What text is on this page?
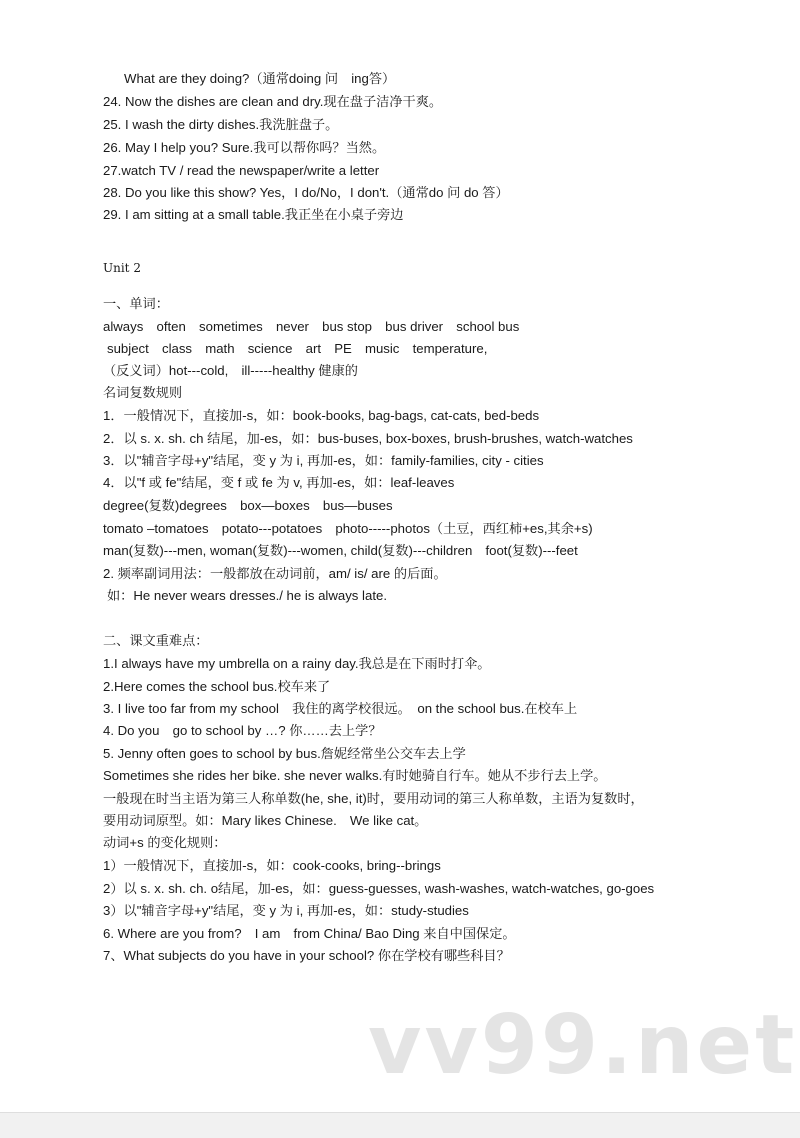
What are they doing?（通常doing 问　ing答）
24. Now the dishes are clean and dry.现在盘子洁净干爽。
25. I wash the dirty dishes.我洗脏盘子。
26. May I help you? Sure.我可以帮你吗？当然。
27.watch TV / read the newspaper/write a letter
28. Do you like this show? Yes，I do/No，I don't.（通常do 问 do 答）
29. I am sitting at a small table.我正坐在小桌子旁边
Unit 2
一、单词：
always　often　sometimes　never　bus stop　bus driver　school bus
subject　class　math　science　art　PE　music　temperature,
（反义词）hot---cold,　ill-----healthy 健康的
名词复数规则
1．一般情况下，直接加-s，如：book-books, bag-bags, cat-cats, bed-beds
2．以 s. x. sh. ch 结尾，加-es，如：bus-buses, box-boxes, brush-brushes, watch-watches
3．以"辅音字母+y"结尾，变 y 为 i, 再加-es，如：family-families, city - cities
4．以"f 或 fe"结尾，变 f 或 fe 为 v, 再加-es，如：leaf-leaves
degree(复数)degrees　box—boxes　bus—buses
tomato –tomatoes　potato---potatoes　photo-----photos（土豆，西红柿+es,其余+s)
man(复数)---men, woman(复数)---women, child(复数)---children　foot(复数)---feet
2. 频率副词用法：一般都放在动词前，am/ is/ are 的后面。
如：He never wears dresses./ he is always late.
二、课文重难点：
1.I always have my umbrella on a rainy day.我总是在下雨时打伞。
2.Here comes the school bus.校车来了
3. I live too far from my school　我住的离学校很远。　on the school bus.在校车上
4. Do you　go to school by …? 你……去上学？
5. Jenny often goes to school by bus.詹妮经常坐公交车去上学
Sometimes she rides her bike. she never walks.有时她骑自行车。她从不步行去上学。
一般现在时当主语为第三人称单数(he, she, it)时，要用动词的第三人称单数，主语为复数时，
要用动词原型。如：Mary likes Chinese.　We like cat。
动词+s 的变化规则：
1）一般情况下，直接加-s，如：cook-cooks, bring--brings
2）以 s. x. sh. ch. o结尾，加-es，如：guess-guesses, wash-washes, watch-watches, go-goes
3）以"辅音字母+y"结尾，变 y 为 i, 再加-es，如：study-studies
6. Where are you from?　I am　from China/ Bao Ding 来自中国保定。
7、What subjects do you have in your school? 你在学校有哪些科目？
vv99.net
